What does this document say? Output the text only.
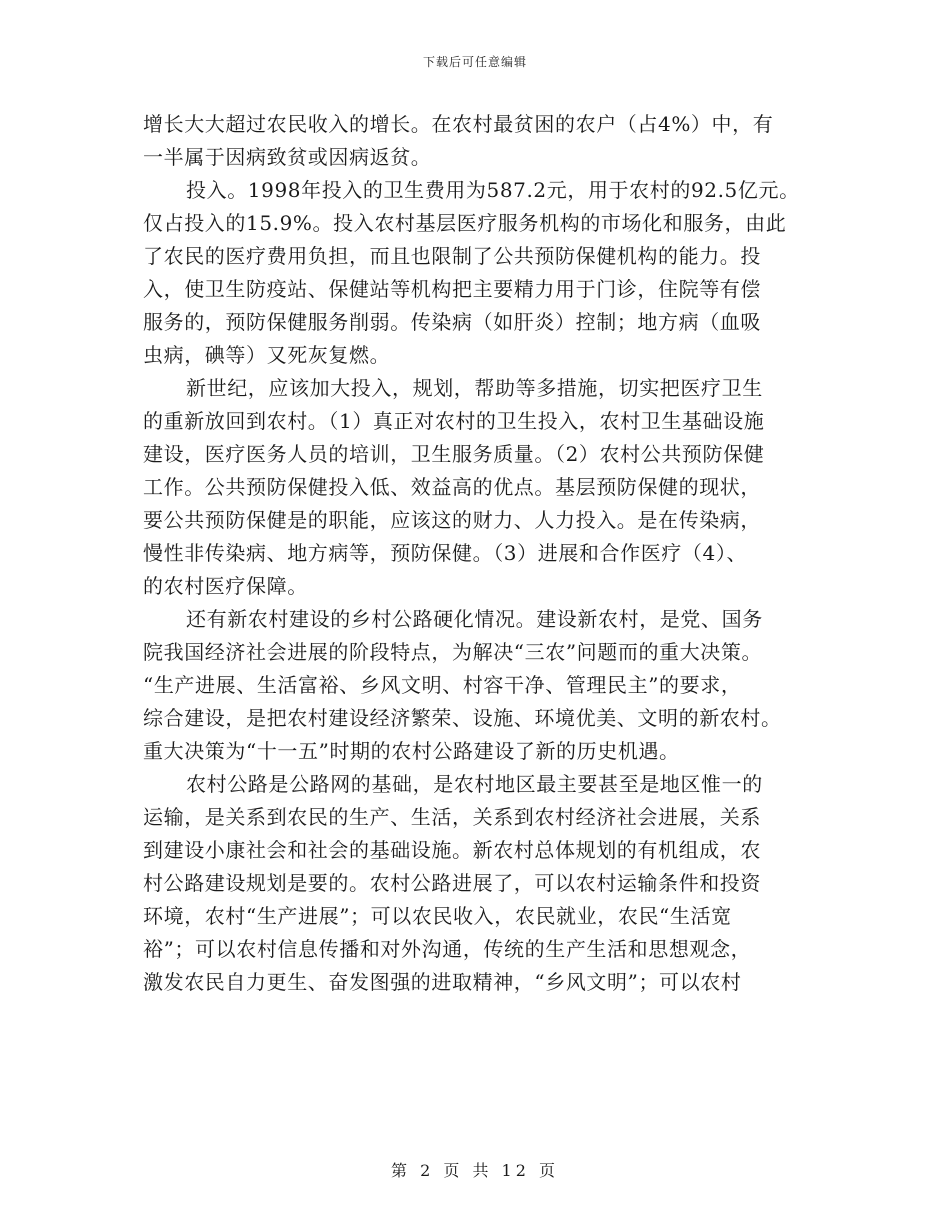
下载后可任意编辑
增长大大超过农民收入的增长。在农村最贫困的农户（占4%）中，有
一半属于因病致贫或因病返贫。
投入。1998年投入的卫生费用为587.2元，用于农村的92.5亿元。
仅占投入的15.9%。投入农村基层医疗服务机构的市场化和服务，由此
了农民的医疗费用负担，而且也限制了公共预防保健机构的能力。投
入，使卫生防疫站、保健站等机构把主要精力用于门诊，住院等有偿
服务的，预防保健服务削弱。传染病（如肝炎）控制；地方病（血吸
虫病，碘等）又死灰复燃。
新世纪，应该加大投入，规划，帮助等多措施，切实把医疗卫生
的重新放回到农村。（1）真正对农村的卫生投入，农村卫生基础设施
建设，医疗医务人员的培训，卫生服务质量。（2）农村公共预防保健
工作。公共预防保健投入低、效益高的优点。基层预防保健的现状，
要公共预防保健是的职能，应该这的财力、人力投入。是在传染病，
慢性非传染病、地方病等，预防保健。（3）进展和合作医疗（4）、
的农村医疗保障。
还有新农村建设的乡村公路硬化情况。建设新农村，是党、国务
院我国经济社会进展的阶段特点，为解决“三农”问题而的重大决策。
“生产进展、生活富裕、乡风文明、村容干净、管理民主”的要求，
综合建设，是把农村建设经济繁荣、设施、环境优美、文明的新农村。
重大决策为“十一五”时期的农村公路建设了新的历史机遇。
农村公路是公路网的基础，是农村地区最主要甚至是地区惟一的
运输，是关系到农民的生产、生活，关系到农村经济社会进展，关系
到建设小康社会和社会的基础设施。新农村总体规划的有机组成，农
村公路建设规划是要的。农村公路进展了，可以农村运输条件和投资
环境，农村“生产进展”；可以农民收入，农民就业，农民“生活宽
裕”；可以农村信息传播和对外沟通，传统的生产生活和思想观念，
激发农民自力更生、奋发图强的进取精神，“乡风文明”；可以农村
第 2 页 共 12 页
